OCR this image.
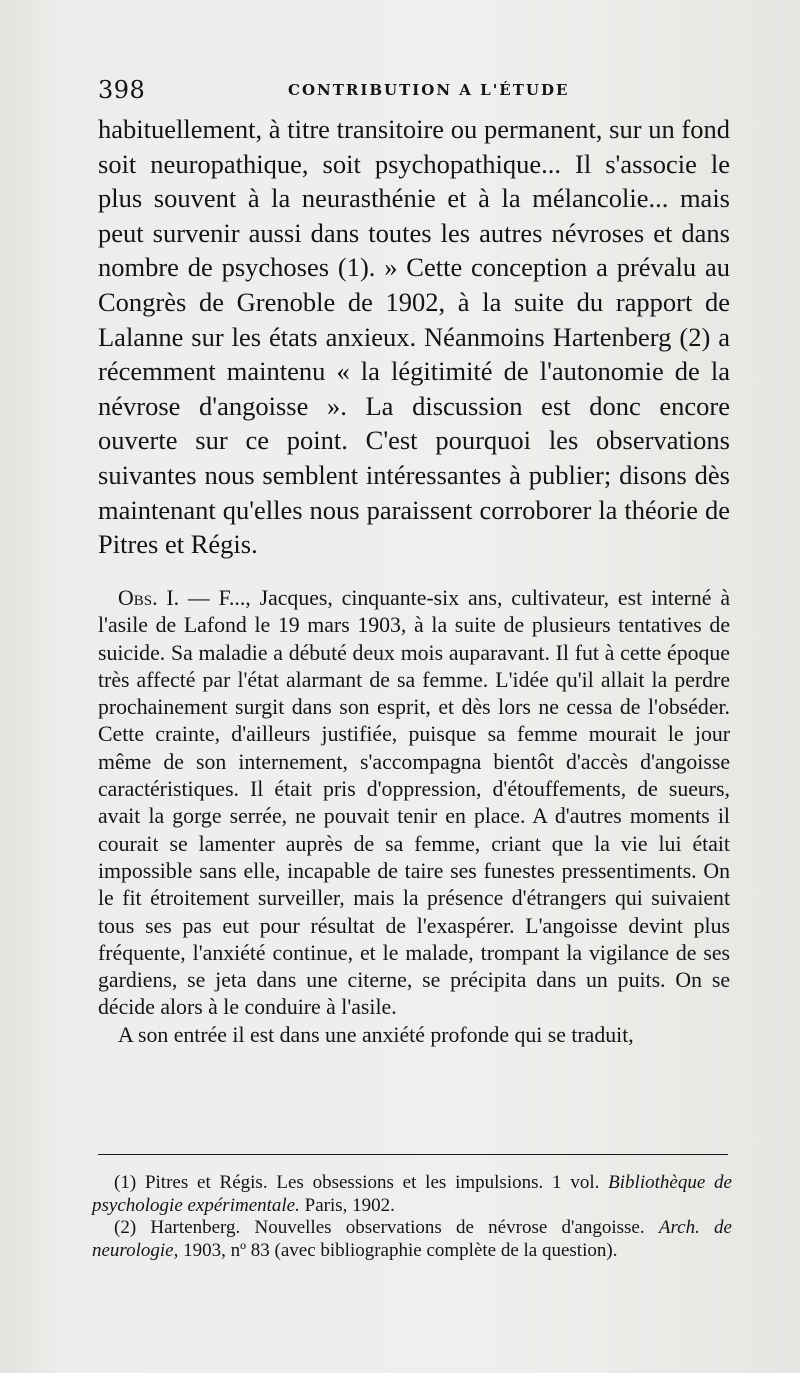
398	CONTRIBUTION A L'ÉTUDE

habituellement, à titre transitoire ou permanent, sur un fond soit neuropathique, soit psychopathique... Il s'associe le plus souvent à la neurasthénie et à la mélancolie... mais peut survenir aussi dans toutes les autres névroses et dans nombre de psychoses (1). » Cette conception a prévalu au Congrès de Grenoble de 1902, à la suite du rapport de Lalanne sur les états anxieux. Néanmoins Hartenberg (2) a récemment maintenu « la légitimité de l'autonomie de la névrose d'angoisse ». La discussion est donc encore ouverte sur ce point. C'est pourquoi les observations suivantes nous semblent intéressantes à publier; disons dès maintenant qu'elles nous paraissent corroborer la théorie de Pitres et Régis.

Obs. I. — F..., Jacques, cinquante-six ans, cultivateur, est interné à l'asile de Lafond le 19 mars 1903, à la suite de plusieurs tentatives de suicide. Sa maladie a débuté deux mois auparavant. Il fut à cette époque très affecté par l'état alarmant de sa femme. L'idée qu'il allait la perdre prochainement surgit dans son esprit, et dès lors ne cessa de l'obséder. Cette crainte, d'ailleurs justifiée, puisque sa femme mourait le jour même de son internement, s'accompagna bientôt d'accès d'angoisse caractéristiques. Il était pris d'oppression, d'étouffements, de sueurs, avait la gorge serrée, ne pouvait tenir en place. A d'autres moments il courait se lamenter auprès de sa femme, criant que la vie lui était impossible sans elle, incapable de taire ses funestes pressentiments. On le fit étroitement surveiller, mais la présence d'étrangers qui suivaient tous ses pas eut pour résultat de l'exaspérer. L'angoisse devint plus fréquente, l'anxiété continue, et le malade, trompant la vigilance de ses gardiens, se jeta dans une citerne, se précipita dans un puits. On se décide alors à le conduire à l'asile.

A son entrée il est dans une anxiété profonde qui se traduit,

(1) Pitres et Régis. Les obsessions et les impulsions. 1 vol. Bibliothèque de psychologie expérimentale. Paris, 1902.

(2) Hartenberg. Nouvelles observations de névrose d'angoisse. Arch. de neurologie, 1903, nº 83 (avec bibliographie complète de la question).
